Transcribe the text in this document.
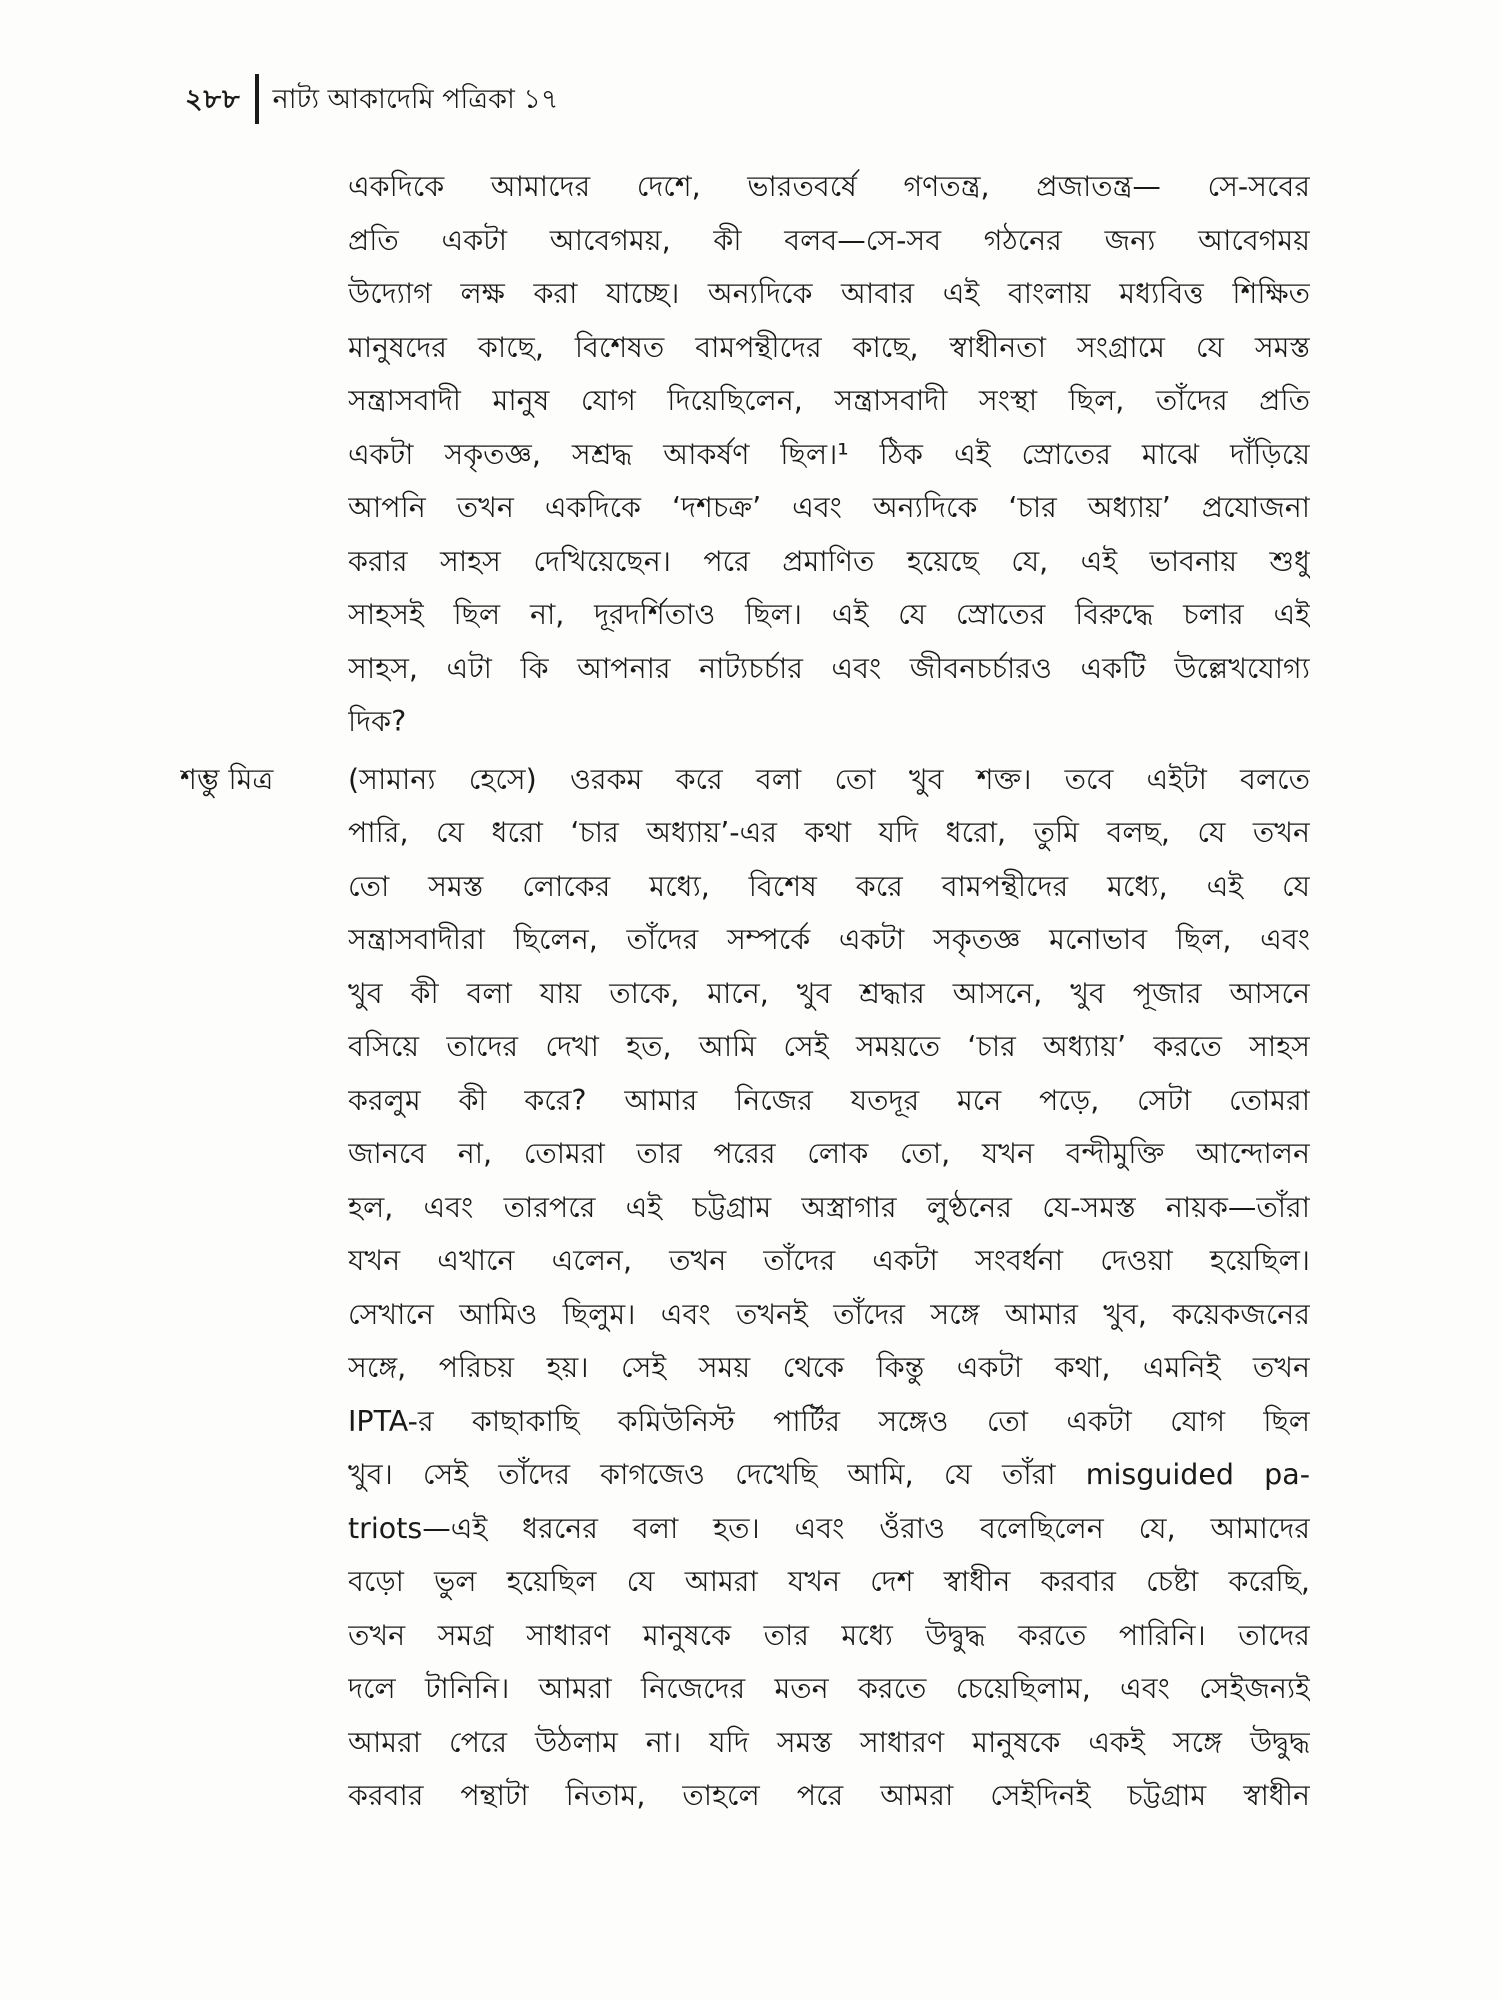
২৮৮ নাট্য আকাদেমি পত্রিকা ১৭
একদিকে আমাদের দেশে, ভারতবর্ষে গণতন্ত্র, প্রজাতন্ত্র— সে-সবের
প্রতি একটা আবেগময়, কী বলব—সে-সব গঠনের জন্য আবেগময়
উদ্যোগ লক্ষ করা যাচ্ছে। অন্যদিকে আবার এই বাংলায় মধ্যবিত্ত শিক্ষিত
মানুষদের কাছে, বিশেষত বামপন্থীদের কাছে, স্বাধীনতা সংগ্রামে যে সমস্ত
সন্ত্রাসবাদী মানুষ যোগ দিয়েছিলেন, সন্ত্রাসবাদী সংস্থা ছিল, তাঁদের প্রতি
একটা সকৃতজ্ঞ, সশ্রদ্ধ আকর্ষণ ছিল।¹ ঠিক এই স্রোতের মাঝে দাঁড়িয়ে
আপনি তখন একদিকে ‘দশচক্র’ এবং অন্যদিকে ‘চার অধ্যায়’ প্রযোজনা
করার সাহস দেখিয়েছেন। পরে প্রমাণিত হয়েছে যে, এই ভাবনায় শুধু
সাহসই ছিল না, দূরদর্শিতাও ছিল। এই যে স্রোতের বিরুদ্ধে চলার এই
সাহস, এটা কি আপনার নাট্যচর্চার এবং জীবনচর্চারও একটি উল্লেখযোগ্য
দিক?
শম্ভু মিত্র	(সামান্য হেসে) ওরকম করে বলা তো খুব শক্ত। তবে এইটা বলতে
পারি, যে ধরো ‘চার অধ্যায়’-এর কথা যদি ধরো, তুমি বলছ, যে তখন
তো সমস্ত লোকের মধ্যে, বিশেষ করে বামপন্থীদের মধ্যে, এই যে
সন্ত্রাসবাদীরা ছিলেন, তাঁদের সম্পর্কে একটা সকৃতজ্ঞ মনোভাব ছিল, এবং
খুব কী বলা যায় তাকে, মানে, খুব শ্রদ্ধার আসনে, খুব পূজার আসনে
বসিয়ে তাদের দেখা হত, আমি সেই সময়তে ‘চার অধ্যায়’ করতে সাহস
করলুম কী করে? আমার নিজের যতদূর মনে পড়ে, সেটা তোমরা
জানবে না, তোমরা তার পরের লোক তো, যখন বন্দীমুক্তি আন্দোলন
হল, এবং তারপরে এই চট্টগ্রাম অস্ত্রাগার লুণ্ঠনের যে-সমস্ত নায়ক—তাঁরা
যখন এখানে এলেন, তখন তাঁদের একটা সংবর্ধনা দেওয়া হয়েছিল।
সেখানে আমিও ছিলুম। এবং তখনই তাঁদের সঙ্গে আমার খুব, কয়েকজনের
সঙ্গে, পরিচয় হয়। সেই সময় থেকে কিন্তু একটা কথা, এমনিই তখন
IPTA-র কাছাকাছি কমিউনিস্ট পার্টির সঙ্গেও তো একটা যোগ ছিল
খুব। সেই তাঁদের কাগজেও দেখেছি আমি, যে তাঁরা misguided pa-
triots—এই ধরনের বলা হত। এবং ওঁরাও বলেছিলেন যে, আমাদের
বড়ো ভুল হয়েছিল যে আমরা যখন দেশ স্বাধীন করবার চেষ্টা করেছি,
তখন সমগ্র সাধারণ মানুষকে তার মধ্যে উদ্বুদ্ধ করতে পারিনি। তাদের
দলে টানিনি। আমরা নিজেদের মতন করতে চেয়েছিলাম, এবং সেইজন্যই
আমরা পেরে উঠলাম না। যদি সমস্ত সাধারণ মানুষকে একই সঙ্গে উদ্বুদ্ধ
করবার পন্থাটা নিতাম, তাহলে পরে আমরা সেইদিনই চট্টগ্রাম স্বাধীন
